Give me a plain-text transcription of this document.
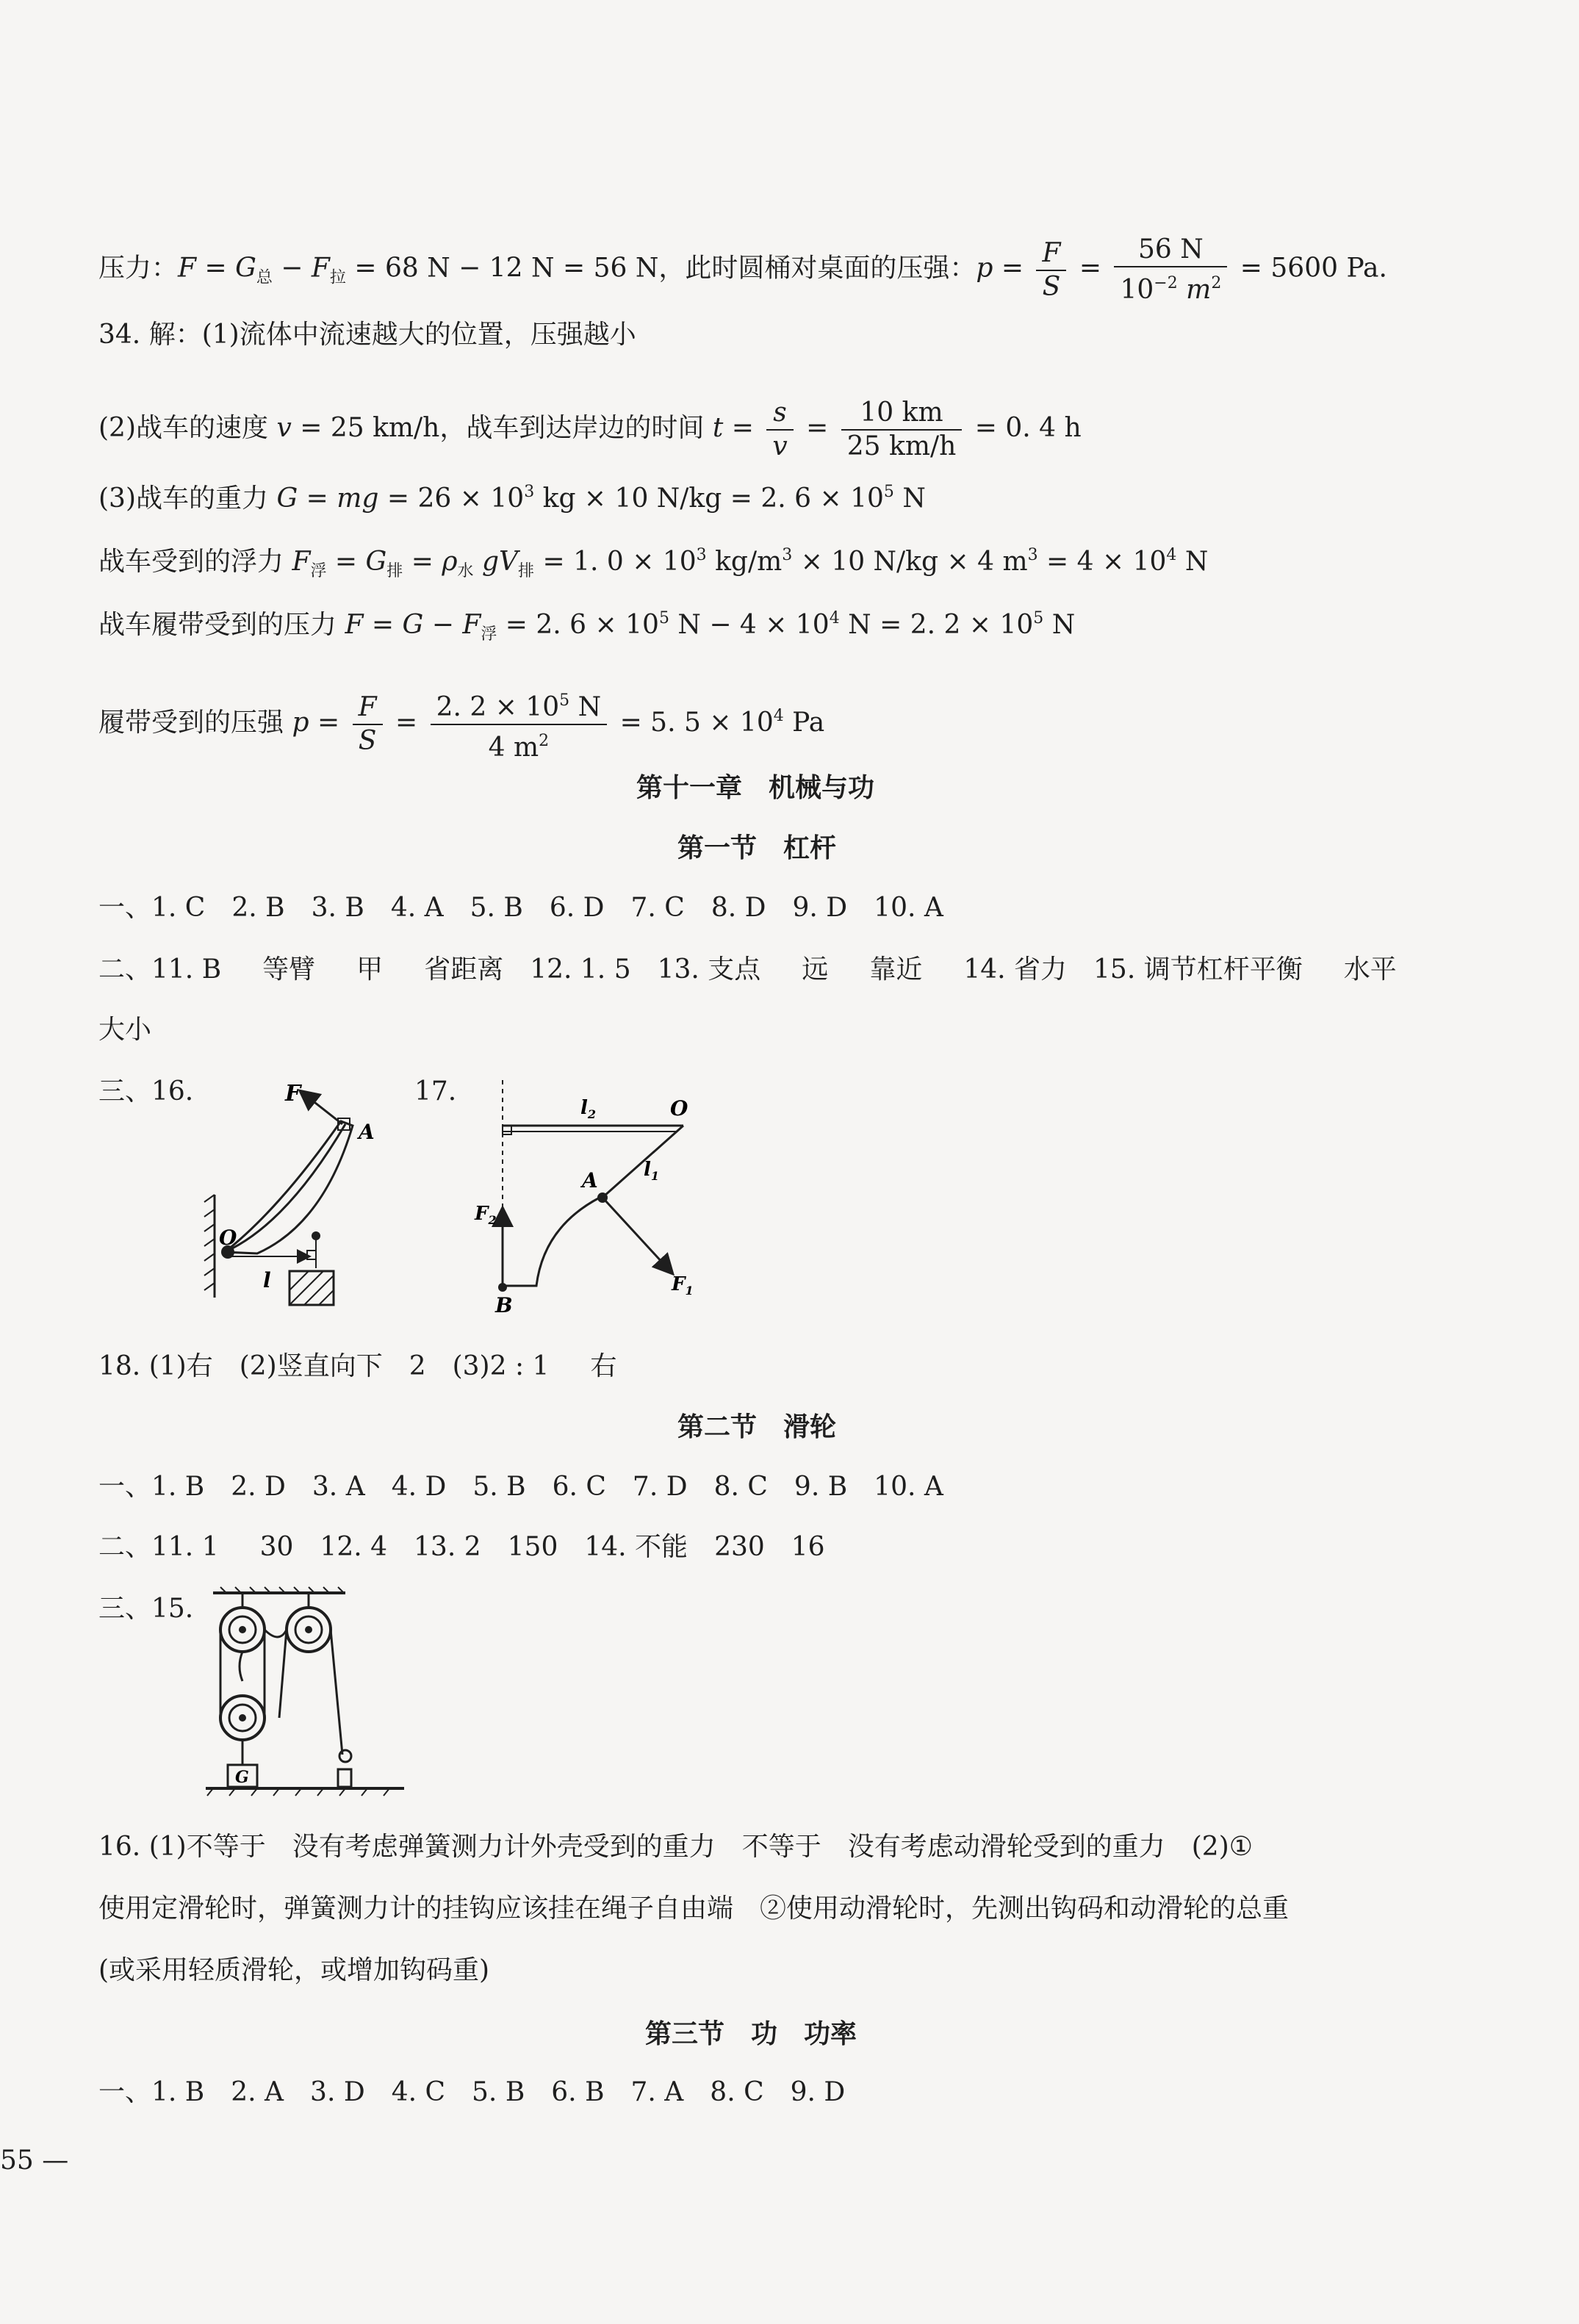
压力：$F = G_总 - F_拉 = 68$ N − 12 N = 56 N，此时圆桶对桌面的压强：$p = \frac{F}{S} = \frac{56 N}{10^{-2} m^2} = 5600$ Pa.
34. 解：(1)流体中流速越大的位置，压强越小
(2)战车的速度 v = 25 km/h，战车到达岸边的时间 $t = \frac{s}{v} = \frac{10 km}{25 km/h} = 0$. 4 h
(3)战车的重力 G = mg = $26 \times 10^3$ kg × 10 N/kg = 2. $6 \times 10^5$ N
战车受到的浮力 $F_浮 = G_排 = \rho_水$ $gV_排 = 1$. $0 \times 10^3$ $kg/m^3 \times 10$ N/kg × 4 $m^3 = 4 \times 10^4$ N
战车履带受到的压力 $F = G - F_浮 = 2$. $6 \times 10^5$ $N - 4 \times 10^4$ N = 2. $2 \times 10^5$ N
履带受到的压强 $p = \frac{F}{S} = \frac{2. 2 \times 10^5 N}{4 m^2} = 5$. $5 \times 10^4$ Pa
第十一章　机械与功
第一节　杠杆
一、1. C　2. B　3. B　4. A　5. B　6. D　7. C　8. D　9. D　10. A
二、11. B 等臂 甲 省距离 12. 1. 5 13. 支点 远 靠近 14. 省力 15. 调节杠杆平衡 水平
大小
三、16.	17.
F
A
O
l
$l_2$	O
A $l_1$
$F_1$
$F_2$
B
18. (1)右 (2)竖直向下 2 (3)2 : 1 右
第二节　滑轮
一、1. B　2. D　3. A　4. D　5. B　6. C　7. D　8. C　9. B　10. A
二、11. 1 30 12. 4 13. 2 150 14. 不能 230 16
三、15.
G
16. (1)不等于 没有考虑弹簧测力计外壳受到的重力 不等于 没有考虑动滑轮受到的重力 (2)①
使用定滑轮时，弹簧测力计的挂钩应该挂在绳子自由端 ②使用动滑轮时，先测出钩码和动滑轮的总重
(或采用轻质滑轮，或增加钩码重)
第三节　功　功率
一、1. B　2. A　3. D　4. C　5. B　6. B　7. A　8. C　9. D
55 —
